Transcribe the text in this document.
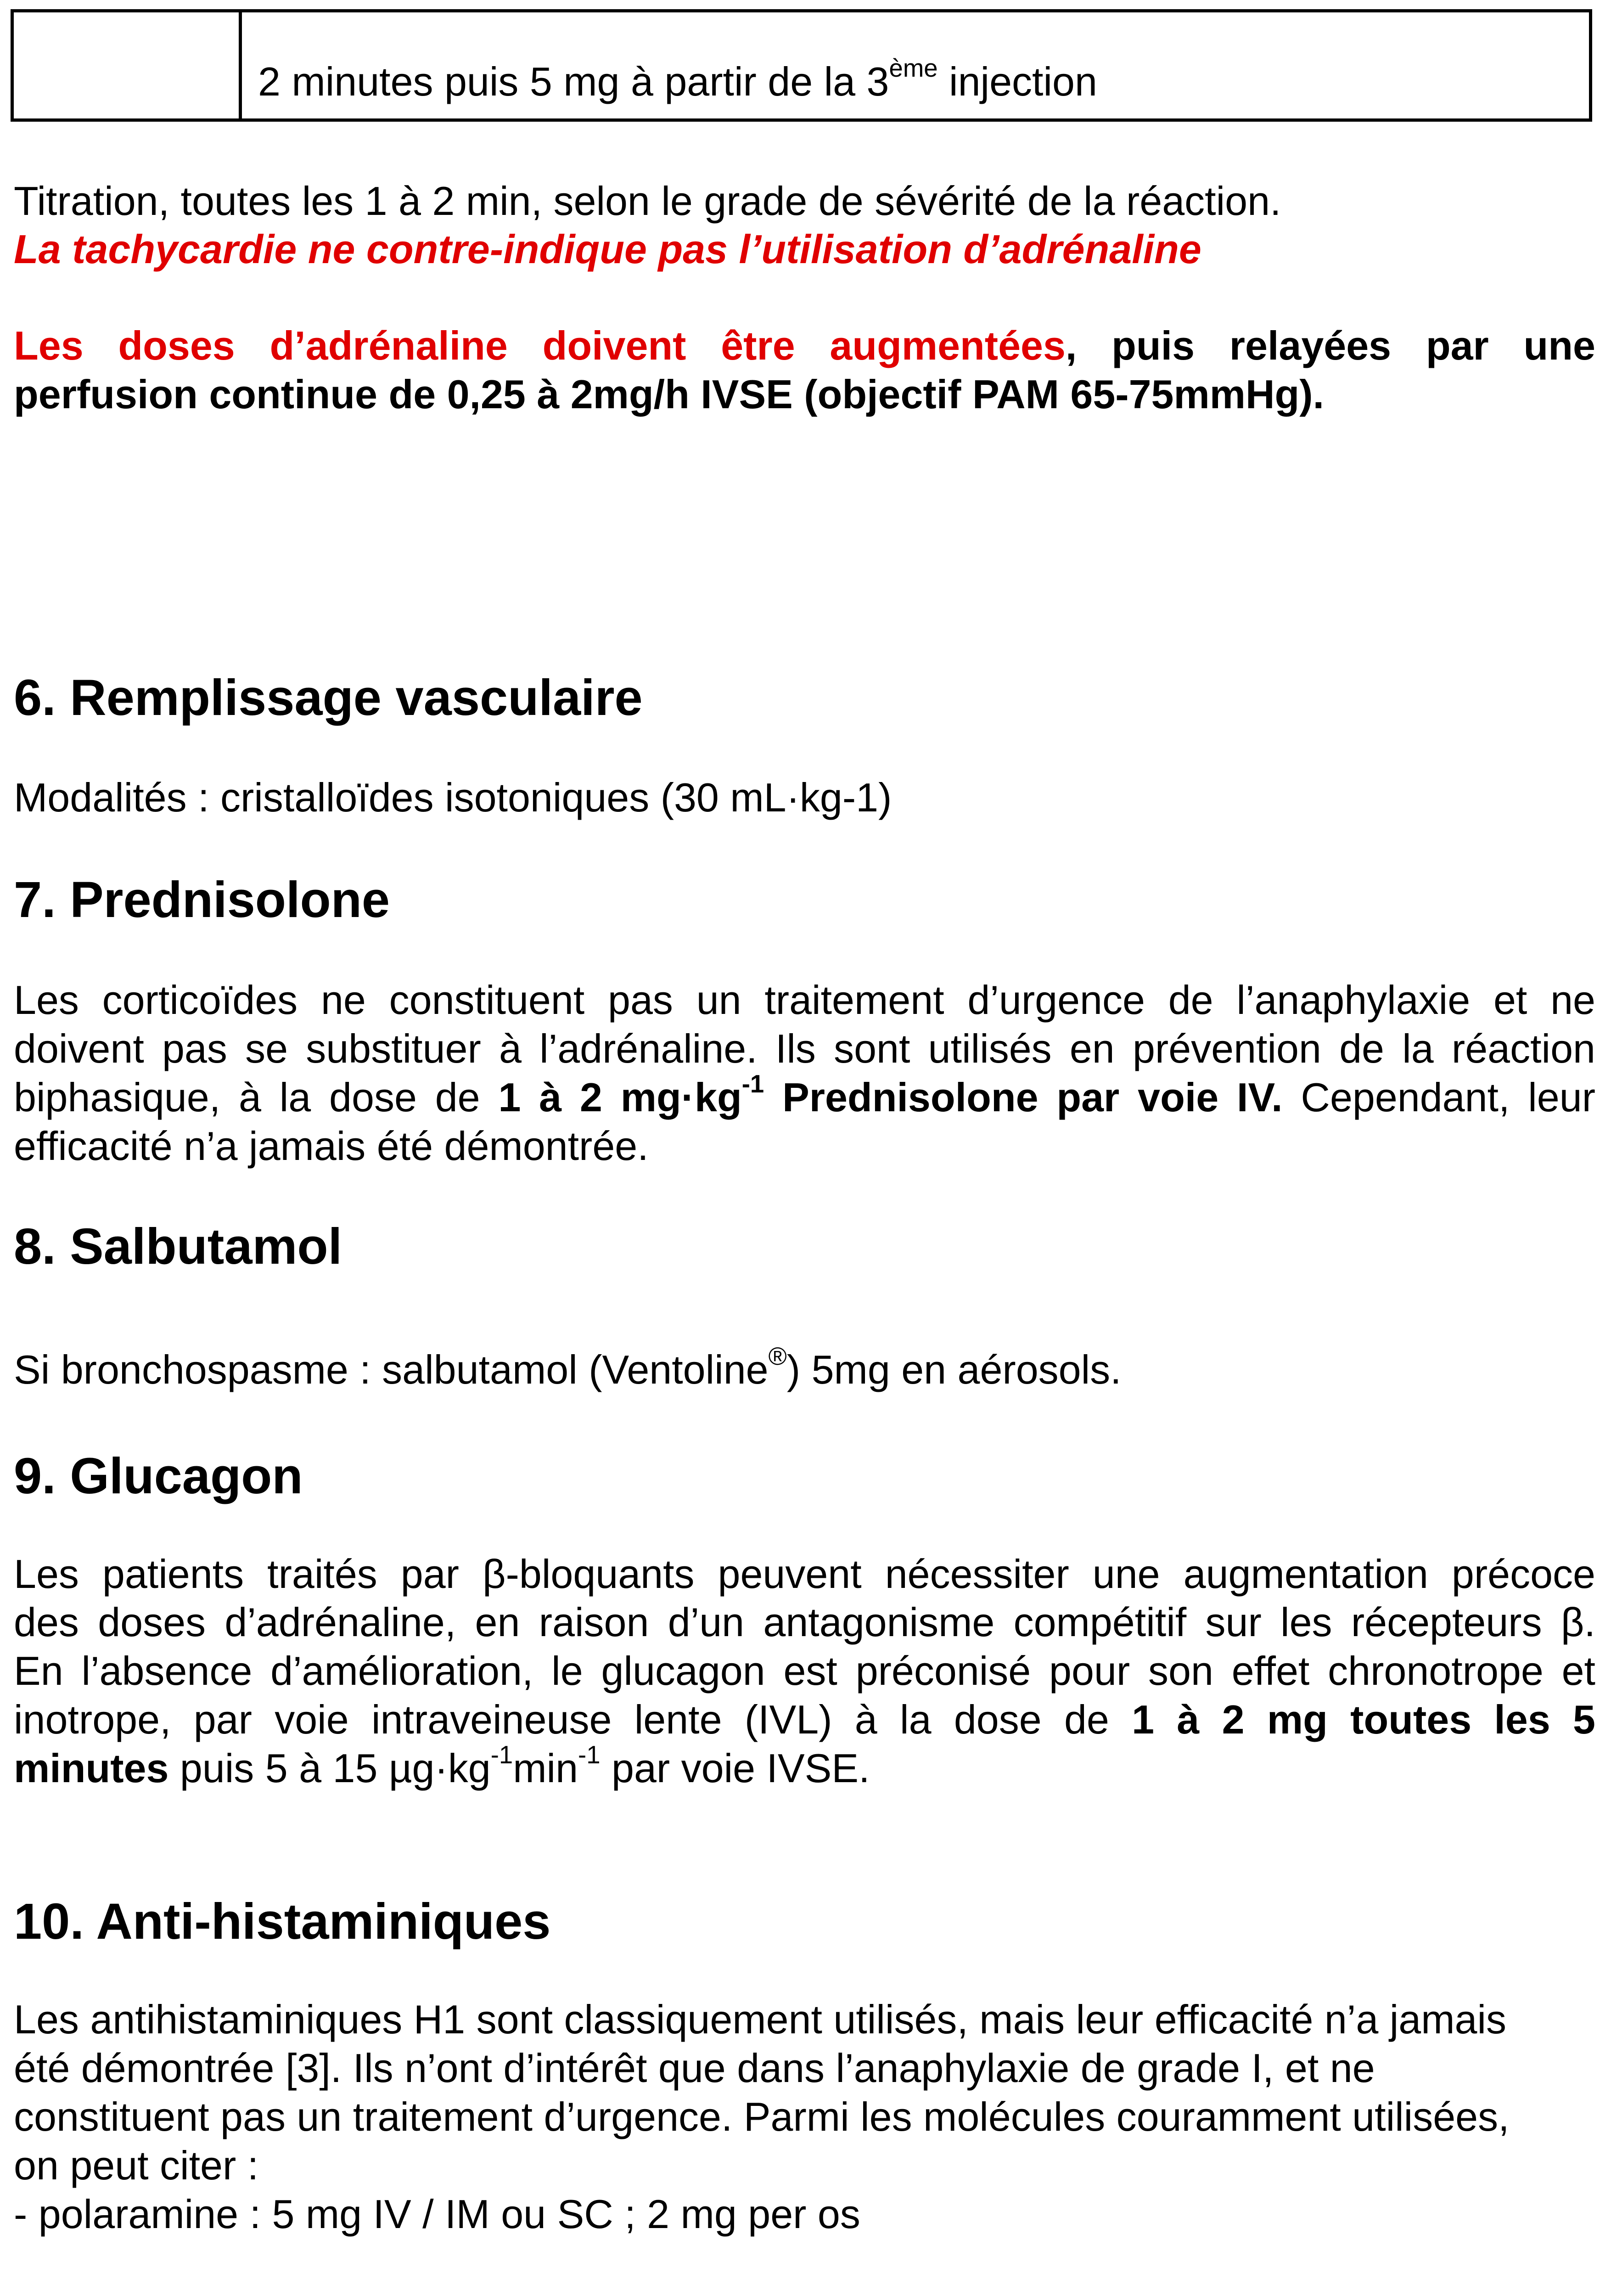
2 minutes puis 5 mg à partir de la 3ème injection

Titration, toutes les 1 à 2 min, selon le grade de sévérité de la réaction.

La tachycardie ne contre-indique pas l’utilisation d’adrénaline

Les doses d’adrénaline doivent être augmentées, puis relayées par une

perfusion continue de 0,25 à 2mg/h IVSE (objectif PAM 65-75mmHg).

6. Remplissage vasculaire

Modalités : cristalloïdes isotoniques (30 mL·kg-1)

7. Prednisolone

Les corticoïdes ne constituent pas un traitement d’urgence de l’anaphylaxie et ne

doivent pas se substituer à l’adrénaline. Ils sont utilisés en prévention de la réaction

biphasique, à la dose de 1 à 2 $mg\cdot kg^{-1}$ Prednisolone par voie IV. Cependant, leur

efficacité n’a jamais été démontrée.

8. Salbutamol

Si bronchospasme : salbutamol (Ventoline®) 5mg en aérosols.

9. Glucagon

Les patients traités par β-bloquants peuvent nécessiter une augmentation précoce

des doses d’adrénaline, en raison d’un antagonisme compétitif sur les récepteurs β.

En l’absence d’amélioration, le glucagon est préconisé pour son effet chronotrope et

inotrope, par voie intraveineuse lente (IVL) à la dose de 1 à 2 mg toutes les 5

minutes puis 5 à 15 $\mu g\cdot kg^{-1}\min^{-1}$ par voie IVSE.

10. Anti-histaminiques

Les antihistaminiques H1 sont classiquement utilisés, mais leur efficacité n’a jamais

été démontrée [3]. Ils n’ont d’intérêt que dans l’anaphylaxie de grade I, et ne

constituent pas un traitement d’urgence. Parmi les molécules couramment utilisées,

on peut citer :

- polaramine : 5 mg IV / IM ou SC ; 2 mg per os
